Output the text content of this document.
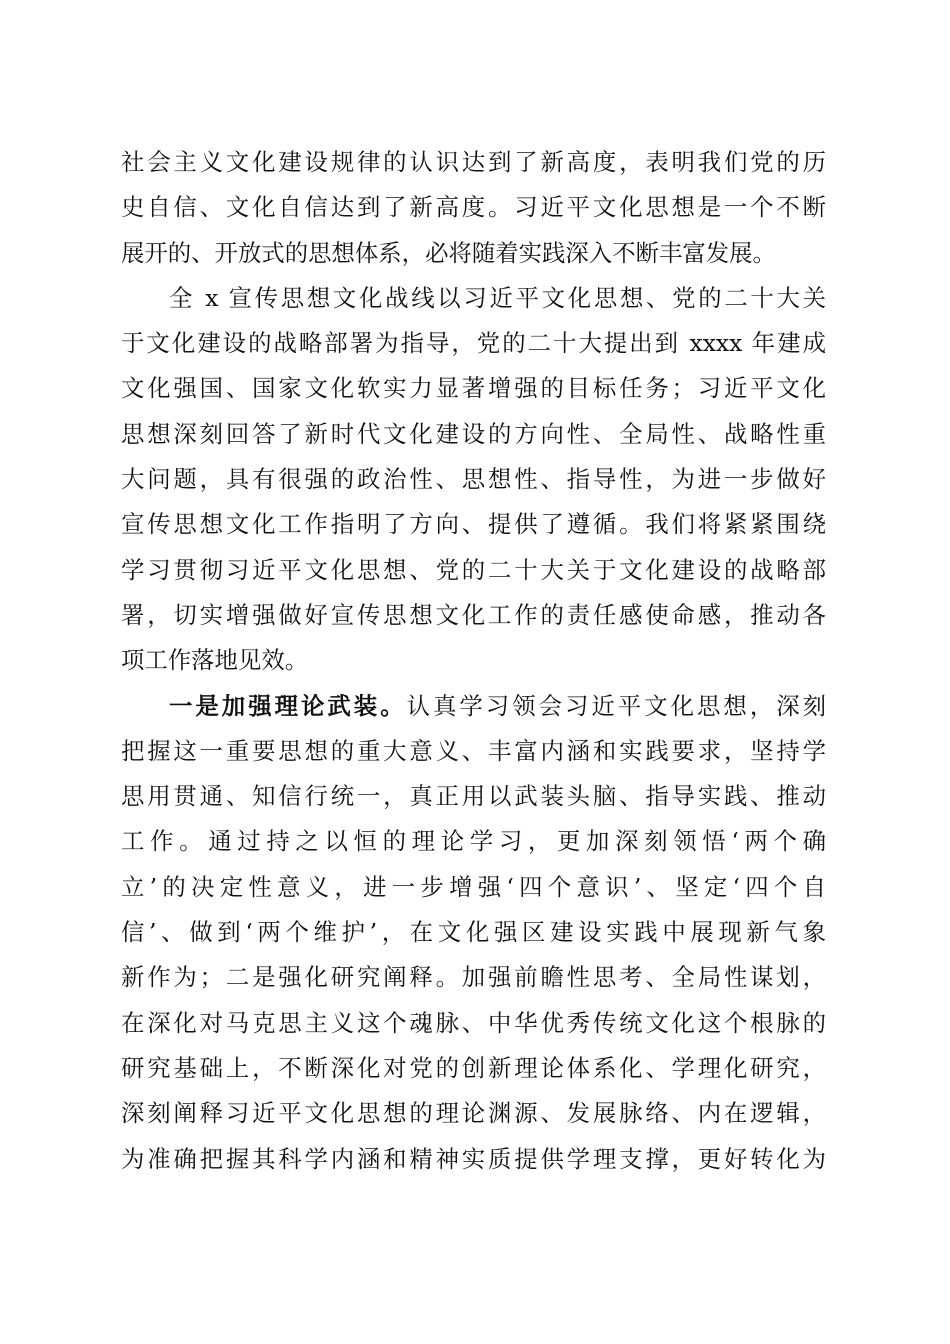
社会主义文化建设规律的认识达到了新高度，表明我们党的历
史自信、文化自信达到了新高度。习近平文化思想是一个不断
展开的、开放式的思想体系，必将随着实践深入不断丰富发展。
全 x 宣传思想文化战线以习近平文化思想、党的二十大关
于文化建设的战略部署为指导，党的二十大提出到 xxxx 年建成
文化强国、国家文化软实力显著增强的目标任务；习近平文化
思想深刻回答了新时代文化建设的方向性、全局性、战略性重
大问题，具有很强的政治性、思想性、指导性，为进一步做好
宣传思想文化工作指明了方向、提供了遵循。我们将紧紧围绕
学习贯彻习近平文化思想、党的二十大关于文化建设的战略部
署，切实增强做好宣传思想文化工作的责任感使命感，推动各
项工作落地见效。
一是加强理论武装。认真学习领会习近平文化思想，深刻
把握这一重要思想的重大意义、丰富内涵和实践要求，坚持学
思用贯通、知信行统一，真正用以武装头脑、指导实践、推动
工作。通过持之以恒的理论学习，更加深刻领悟‘两个确
立’的决定性意义，进一步增强‘四个意识’、坚定‘四个自
信’、做到‘两个维护’，在文化强区建设实践中展现新气象
新作为；二是强化研究阐释。加强前瞻性思考、全局性谋划，
在深化对马克思主义这个魂脉、中华优秀传统文化这个根脉的
研究基础上，不断深化对党的创新理论体系化、学理化研究，
深刻阐释习近平文化思想的理论渊源、发展脉络、内在逻辑，
为准确把握其科学内涵和精神实质提供学理支撑，更好转化为
